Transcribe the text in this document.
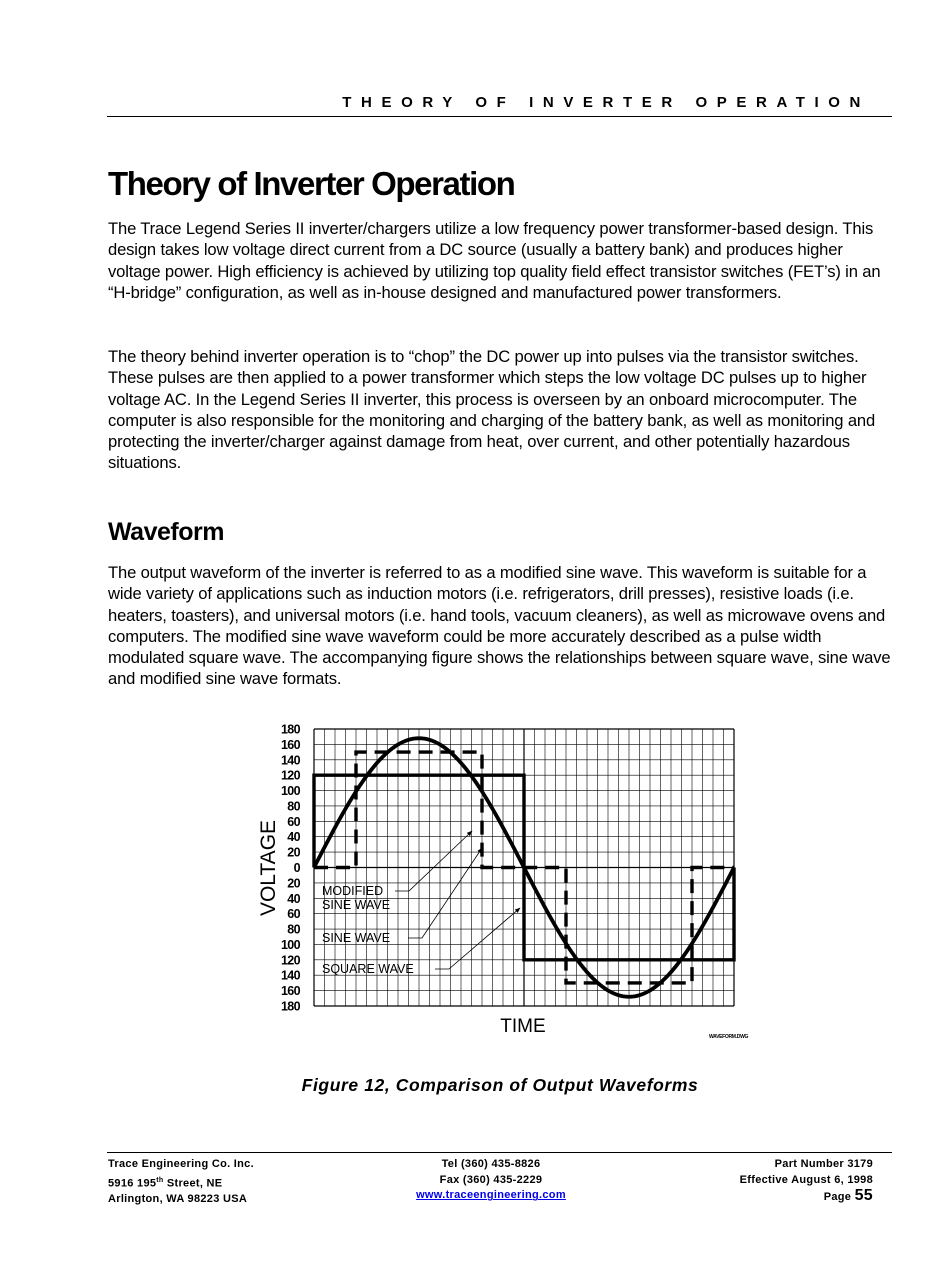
THEORY OF INVERTER OPERATION
Theory of Inverter Operation

The Trace Legend Series II inverter/chargers utilize a low frequency power transformer-based design. This design takes low voltage direct current from a DC source (usually a battery bank) and produces higher voltage power. High efficiency is achieved by utilizing top quality field effect transistor switches (FET’s) in an “H-bridge” configuration, as well as in-house designed and manufactured power transformers.

The theory behind inverter operation is to “chop” the DC power up into pulses via the transistor switches. These pulses are then applied to a power transformer which steps the low voltage DC pulses up to higher voltage AC. In the Legend Series II inverter, this process is overseen by an onboard microcomputer. The computer is also responsible for the monitoring and charging of the battery bank, as well as monitoring and protecting the inverter/charger against damage from heat, over current, and other potentially hazardous situations.

Waveform

The output waveform of the inverter is referred to as a modified sine wave. This waveform is suitable for a wide variety of applications such as induction motors (i.e. refrigerators, drill presses), resistive loads (i.e. heaters, toasters), and universal motors (i.e. hand tools, vacuum cleaners), as well as microwave ovens and computers. The modified sine wave waveform could be more accurately described as a pulse width modulated square wave. The accompanying figure shows the relationships between square wave, sine wave and modified sine wave formats.

180
160
140
120
100
80
60
40
20
0
20
40
60
80
100
120
140
160
180
MODIFIED SINE WAVE
SINE WAVE
SQUARE WAVE
VOLTAGE
TIME	WAVEFORM.DWG
Figure 12, Comparison of Output Waveforms
Trace Engineering Co. Inc.
5916 195th Street, NE
Arlington, WA 98223 USA
Tel (360) 435-8826
Fax (360) 435-2229
www.traceengineering.com
Part Number 3179
Effective August 6, 1998
Page 55
